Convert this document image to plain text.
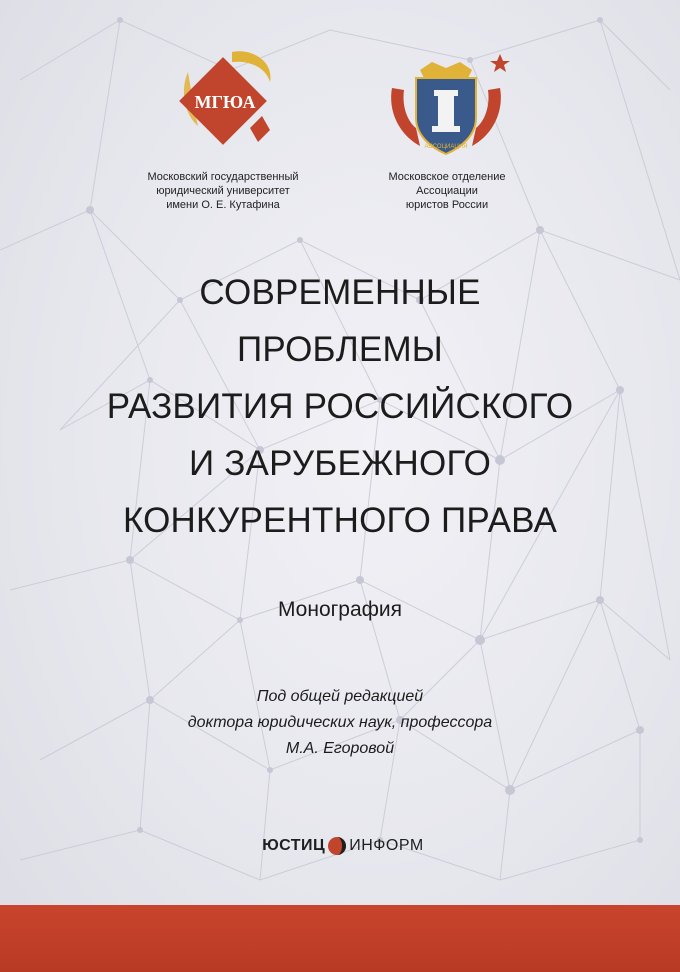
МГЮА
АССОЦИАЦИЯ
Московский государственный
юридический университет
имени О. Е. Кутафина
Московское отделение
Ассоциации
юристов России
СОВРЕМЕННЫЕ
ПРОБЛЕМЫ
РАЗВИТИЯ РОССИЙСКОГО
И ЗАРУБЕЖНОГО
КОНКУРЕНТНОГО ПРАВА
Монография
Под общей редакцией
доктора юридических наук, профессора
М.А. Егоровой
ЮСТИЦ ИНФОРМ
